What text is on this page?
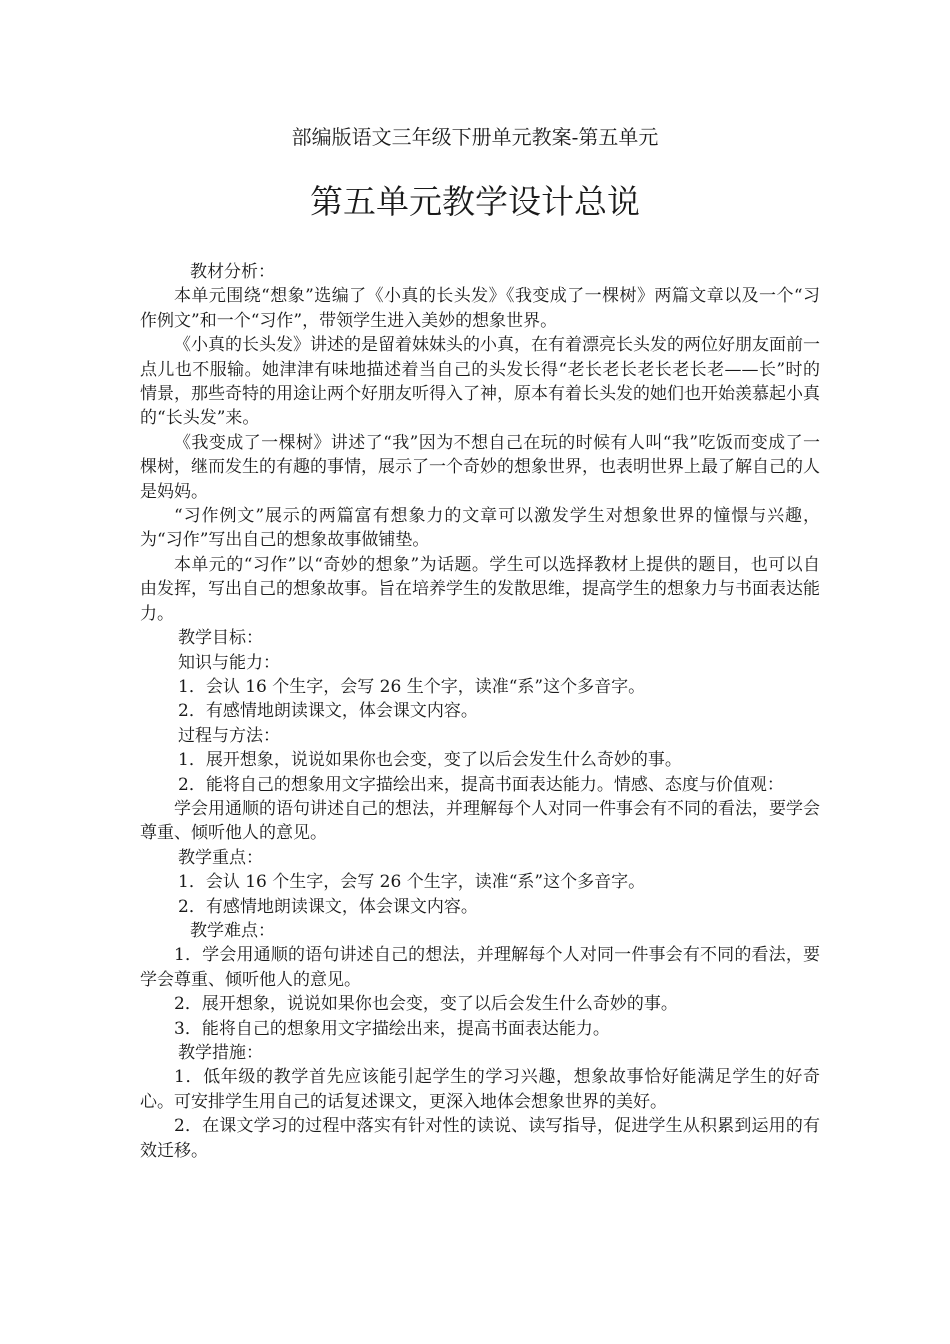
部编版语文三年级下册单元教案-第五单元
第五单元教学设计总说

教材分析：

本单元围绕“想象”选编了《小真的长头发》《我变成了一棵树》两篇文章以及一个“习作例文”和一个“习作”，带领学生进入美妙的想象世界。

《小真的长头发》讲述的是留着妹妹头的小真，在有着漂亮长头发的两位好朋友面前一点儿也不服输。她津津有味地描述着当自己的头发长得“老长老长老长老长老——长”时的情景，那些奇特的用途让两个好朋友听得入了神，原本有着长头发的她们也开始羡慕起小真的“长头发”来。

《我变成了一棵树》讲述了“我”因为不想自己在玩的时候有人叫“我”吃饭而变成了一棵树，继而发生的有趣的事情，展示了一个奇妙的想象世界，也表明世界上最了解自己的人是妈妈。

“习作例文”展示的两篇富有想象力的文章可以激发学生对想象世界的憧憬与兴趣，为“习作”写出自己的想象故事做铺垫。

本单元的“习作”以“奇妙的想象”为话题。学生可以选择教材上提供的题目，也可以自由发挥，写出自己的想象故事。旨在培养学生的发散思维，提高学生的想象力与书面表达能力。

教学目标：

知识与能力：

1．会认 16 个生字，会写 26 生个字，读准“系”这个多音字。

2．有感情地朗读课文，体会课文内容。

过程与方法：

1．展开想象，说说如果你也会变，变了以后会发生什么奇妙的事。

2．能将自己的想象用文字描绘出来，提高书面表达能力。情感、态度与价值观：

学会用通顺的语句讲述自己的想法，并理解每个人对同一件事会有不同的看法，要学会尊重、倾听他人的意见。

教学重点：

1．会认 16 个生字，会写 26 个生字，读准“系”这个多音字。

2．有感情地朗读课文，体会课文内容。

教学难点：

1．学会用通顺的语句讲述自己的想法，并理解每个人对同一件事会有不同的看法，要学会尊重、倾听他人的意见。

2．展开想象，说说如果你也会变，变了以后会发生什么奇妙的事。

3．能将自己的想象用文字描绘出来，提高书面表达能力。

教学措施：

1．低年级的教学首先应该能引起学生的学习兴趣，想象故事恰好能满足学生的好奇心。可安排学生用自己的话复述课文，更深入地体会想象世界的美好。

2．在课文学习的过程中落实有针对性的读说、读写指导，促进学生从积累到运用的有效迁移。
